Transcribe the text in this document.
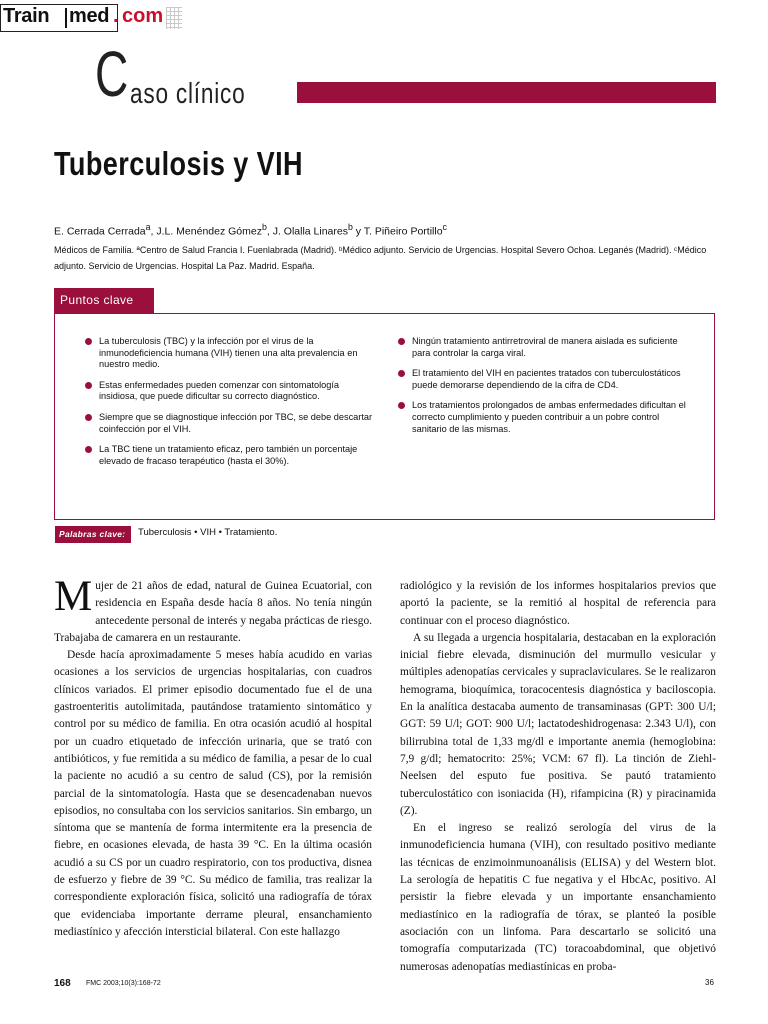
Train med . com
C aso clínico
Tuberculosis y VIH
E. Cerrada Cerrada$^a$, J.L. Menéndez Gómez$^b$, J. Olalla Linares$^b$ y T. Piñeiro Portillo$^c$
Médicos de Familia. ªCentro de Salud Francia I. Fuenlabrada (Madrid). ᵇMédico adjunto. Servicio de Urgencias. Hospital Severo Ochoa. Leganés (Madrid). ᶜMédico adjunto. Servicio de Urgencias. Hospital La Paz. Madrid. España.
Puntos clave
La tuberculosis (TBC) y la infección por el virus de la inmunodeficiencia humana (VIH) tienen una alta prevalencia en nuestro medio.
Estas enfermedades pueden comenzar con sintomatología insidiosa, que puede dificultar su correcto diagnóstico.
Siempre que se diagnostique infección por TBC, se debe descartar coinfección por el VIH.
La TBC tiene un tratamiento eficaz, pero también un porcentaje elevado de fracaso terapéutico (hasta el 30%).
Ningún tratamiento antirretroviral de manera aislada es suficiente para controlar la carga viral.
El tratamiento del VIH en pacientes tratados con tuberculostáticos puede demorarse dependiendo de la cifra de CD4.
Los tratamientos prolongados de ambas enfermedades dificultan el correcto cumplimiento y pueden contribuir a un pobre control sanitario de las mismas.
Palabras clave: Tuberculosis • VIH • Tratamiento.

Mujer de 21 años de edad, natural de Guinea Ecuatorial, con residencia en España desde hacía 8 años. No tenía ningún antecedente personal de interés y negaba prácticas de riesgo. Trabajaba de camarera en un restaurante.

Desde hacía aproximadamente 5 meses había acudido en varias ocasiones a los servicios de urgencias hospitalarias, con cuadros clínicos variados. El primer episodio documentado fue el de una gastroenteritis autolimitada, pautándose tratamiento sintomático y control por su médico de familia. En otra ocasión acudió al hospital por un cuadro etiquetado de infección urinaria, que se trató con antibióticos, y fue remitida a su médico de familia, a pesar de lo cual la paciente no acudió a su centro de salud (CS), por la remisión parcial de la sintomatología. Hasta que se desencadenaban nuevos episodios, no consultaba con los servicios sanitarios. Sin embargo, un síntoma que se mantenía de forma intermitente era la presencia de fiebre, en ocasiones elevada, de hasta 39 °C. En la última ocasión acudió a su CS por un cuadro respiratorio, con tos productiva, disnea de esfuerzo y fiebre de 39 °C. Su médico de familia, tras realizar la correspondiente exploración física, solicitó una radiografía de tórax que evidenciaba importante derrame pleural, ensanchamiento mediastínico y afección intersticial bilateral. Con este hallazgo

radiológico y la revisión de los informes hospitalarios previos que aportó la paciente, se la remitió al hospital de referencia para continuar con el proceso diagnóstico.

A su llegada a urgencia hospitalaria, destacaban en la exploración inicial fiebre elevada, disminución del murmullo vesicular y múltiples adenopatías cervicales y supraclaviculares. Se le realizaron hemograma, bioquímica, toracocentesis diagnóstica y baciloscopia. En la analítica destacaba aumento de transaminasas (GPT: 300 U/l; GGT: 59 U/l; GOT: 900 U/l; lactatodeshidrogenasa: 2.343 U/l), con bilirrubina total de 1,33 mg/dl e importante anemia (hemoglobina: 7,9 g/dl; hematocrito: 25%; VCM: 67 fl). La tinción de Ziehl-Neelsen del esputo fue positiva. Se pautó tratamiento tuberculostático con isoniacida (H), rifampicina (R) y piracinamida (Z).

En el ingreso se realizó serología del virus de la inmunodeficiencia humana (VIH), con resultado positivo mediante las técnicas de enzimoinmunoanálisis (ELISA) y del Western blot. La serología de hepatitis C fue negativa y el HbcAc, positivo. Al persistir la fiebre elevada y un importante ensanchamiento mediastínico en la radiografía de tórax, se planteó la posible asociación con un linfoma. Para descartarlo se solicitó una tomografía computarizada (TC) toracoabdominal, que objetivó numerosas adenopatías mediastínicas en proba-

168 FMC 2003;10(3):168-72	36
